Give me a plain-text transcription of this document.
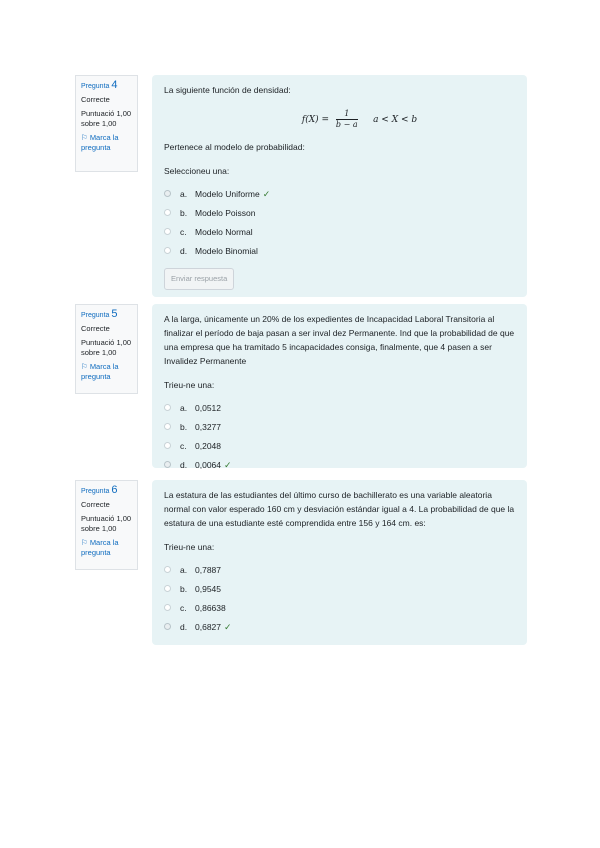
Pregunta 4
Correcte
Puntuació 1,00
sobre 1,00
⚐ Marca la
pregunta
La siguiente función de densidad:
$f(X) = \frac{1}{b - a}$ a < X < b
Pertenece al modelo de probabilidad:
Seleccioneu una:
a. Modelo Uniforme ✓
b. Modelo Poisson
c. Modelo Normal
d. Modelo Binomial
Enviar respuesta
Pregunta 5
Correcte
Puntuació 1,00
sobre 1,00
⚐ Marca la
pregunta
A la larga, únicamente un 20% de los expedientes de Incapacidad Laboral Transitoria al finalizar el período de baja pasan a ser inval dez Permanente. Ind que la probabilidad de que una empresa que ha tramitado 5 incapacidades consiga, finalmente, que 4 pasen a ser Invalidez Permanente
Trieu-ne una:
a. 0,0512
b. 0,3277
c. 0,2048
d. 0,0064 ✓
Pregunta 6
Correcte
Puntuació 1,00
sobre 1,00
⚐ Marca la
pregunta
La estatura de las estudiantes del último curso de bachillerato es una variable aleatoria normal con valor esperado 160 cm y desviación estándar igual a 4. La probabilidad de que la estatura de una estudiante esté comprendida entre 156 y 164 cm. es:
Trieu-ne una:
a. 0,7887
b. 0,9545
c. 0,86638
d. 0,6827 ✓
